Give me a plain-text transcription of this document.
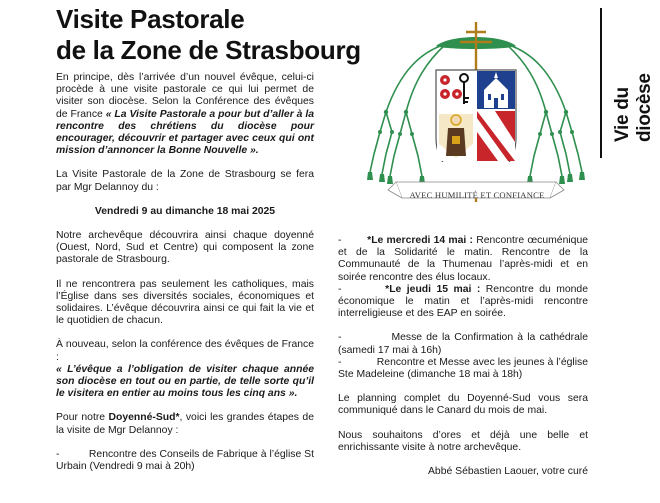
Visite Pastorale
de la Zone de Strasbourg
Vie du diocèse
AVEC HUMILITÉ ET CONFIANCE

En principe, dès l’arrivée d’un nouvel évêque, celui-ci procède à une visite pastorale ce qui lui permet de visiter son diocèse. Selon la Conférence des évêques de France « La Visite Pastorale a pour but d’aller à la rencontre des chrétiens du diocèse pour encourager, découvrir et partager avec ceux qui ont mission d’annoncer la Bonne Nouvelle ».

La Visite Pastorale de la Zone de Strasbourg se fera par Mgr Delannoy du :

Vendredi 9 au dimanche 18 mai 2025

Notre archevêque découvrira ainsi chaque doyenné (Ouest, Nord, Sud et Centre) qui composent la zone pastorale de Strasbourg.

Il ne rencontrera pas seulement les catholiques, mais l’Église dans ses diversités sociales, économiques et solidaires. L’évêque découvrira ainsi ce qui fait la vie et le quotidien de chacun.

À nouveau, selon la conférence des évêques de France :
« L’évêque a l’obligation de visiter chaque année son diocèse en tout ou en partie, de telle sorte qu’il le visitera en entier au moins tous les cinq ans ».

Pour notre Doyenné-Sud*, voici les grandes étapes de la visite de Mgr Delannoy :

-          Rencontre des Conseils de Fabrique à l’église St Urbain (Vendredi 9 mai à 20h)

-        *Le mercredi 14 mai : Rencontre œcuménique et de la Solidarité le matin. Rencontre de la Communauté de la Thumenau l’après-midi et en soirée rencontre des élus locaux.

-        *Le jeudi 15 mai : Rencontre du monde économique le matin et l’après-midi rencontre interreligieuse et des EAP en soirée.

-            Messe de la Confirmation à la cathédrale (samedi 17 mai à 16h)

-            Rencontre et Messe avec les jeunes à l’église Ste Madeleine (dimanche 18 mai à 18h)

Le planning complet du Doyenné-Sud vous sera communiqué dans le Canard du mois de mai.

Nous souhaitons d’ores et déjà une belle et enrichissante visite à notre archevêque.

Abbé Sébastien Laouer, votre curé
